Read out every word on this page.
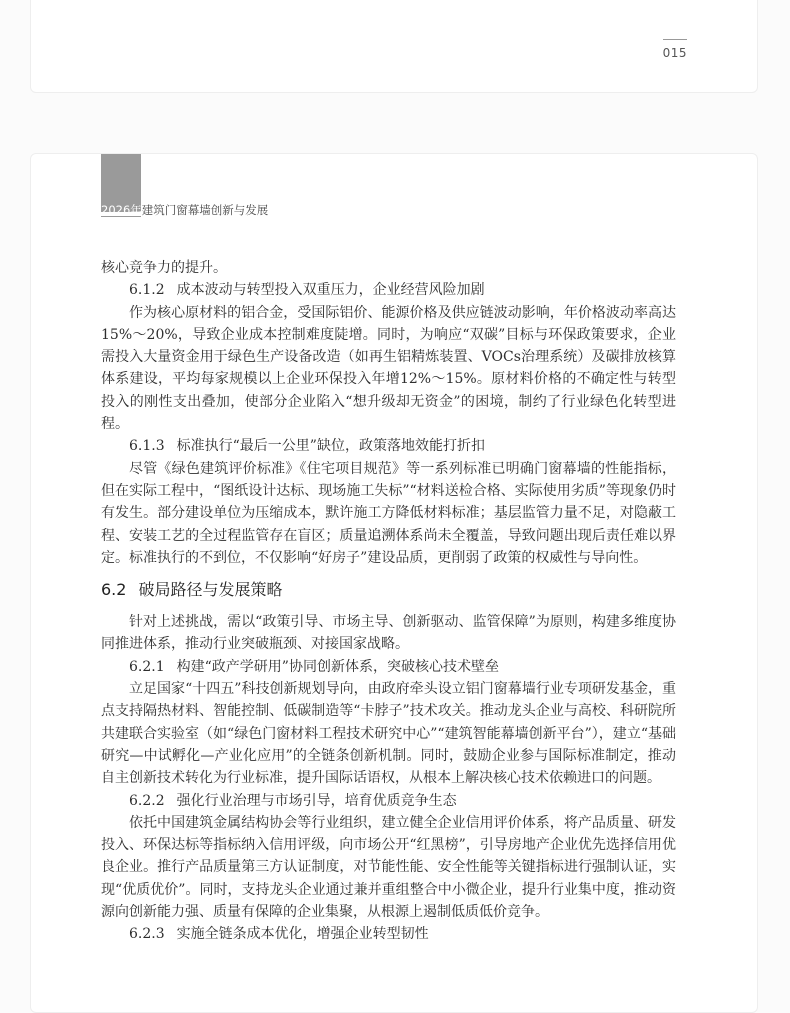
015
2026年建筑门窗幕墙创新与发展

核心竞争力的提升。

6.1.2 成本波动与转型投入双重压力，企业经营风险加剧

作为核心原材料的铝合金，受国际铝价、能源价格及供应链波动影响，年价格波动率高达15%～20%，导致企业成本控制难度陡增。同时，为响应“双碳”目标与环保政策要求，企业需投入大量资金用于绿色生产设备改造（如再生铝精炼装置、VOCs治理系统）及碳排放核算体系建设，平均每家规模以上企业环保投入年增12%～15%。原材料价格的不确定性与转型投入的刚性支出叠加，使部分企业陷入“想升级却无资金”的困境，制约了行业绿色化转型进程。

6.1.3 标准执行“最后一公里”缺位，政策落地效能打折扣

尽管《绿色建筑评价标准》《住宅项目规范》等一系列标准已明确门窗幕墙的性能指标，但在实际工程中，“图纸设计达标、现场施工失标”“材料送检合格、实际使用劣质”等现象仍时有发生。部分建设单位为压缩成本，默许施工方降低材料标准；基层监管力量不足，对隐蔽工程、安装工艺的全过程监管存在盲区；质量追溯体系尚未全覆盖，导致问题出现后责任难以界定。标准执行的不到位，不仅影响“好房子”建设品质，更削弱了政策的权威性与导向性。

6.2 破局路径与发展策略

针对上述挑战，需以“政策引导、市场主导、创新驱动、监管保障”为原则，构建多维度协同推进体系，推动行业突破瓶颈、对接国家战略。

6.2.1 构建“政产学研用”协同创新体系，突破核心技术壁垒

立足国家“十四五”科技创新规划导向，由政府牵头设立铝门窗幕墙行业专项研发基金，重点支持隔热材料、智能控制、低碳制造等“卡脖子”技术攻关。推动龙头企业与高校、科研院所共建联合实验室（如“绿色门窗材料工程技术研究中心”“建筑智能幕墙创新平台”），建立“基础研究—中试孵化—产业化应用”的全链条创新机制。同时，鼓励企业参与国际标准制定，推动自主创新技术转化为行业标准，提升国际话语权，从根本上解决核心技术依赖进口的问题。

6.2.2 强化行业治理与市场引导，培育优质竞争生态

依托中国建筑金属结构协会等行业组织，建立健全企业信用评价体系，将产品质量、研发投入、环保达标等指标纳入信用评级，向市场公开“红黑榜”，引导房地产企业优先选择信用优良企业。推行产品质量第三方认证制度，对节能性能、安全性能等关键指标进行强制认证，实现“优质优价”。同时，支持龙头企业通过兼并重组整合中小微企业，提升行业集中度，推动资源向创新能力强、质量有保障的企业集聚，从根源上遏制低质低价竞争。

6.2.3 实施全链条成本优化，增强企业转型韧性
